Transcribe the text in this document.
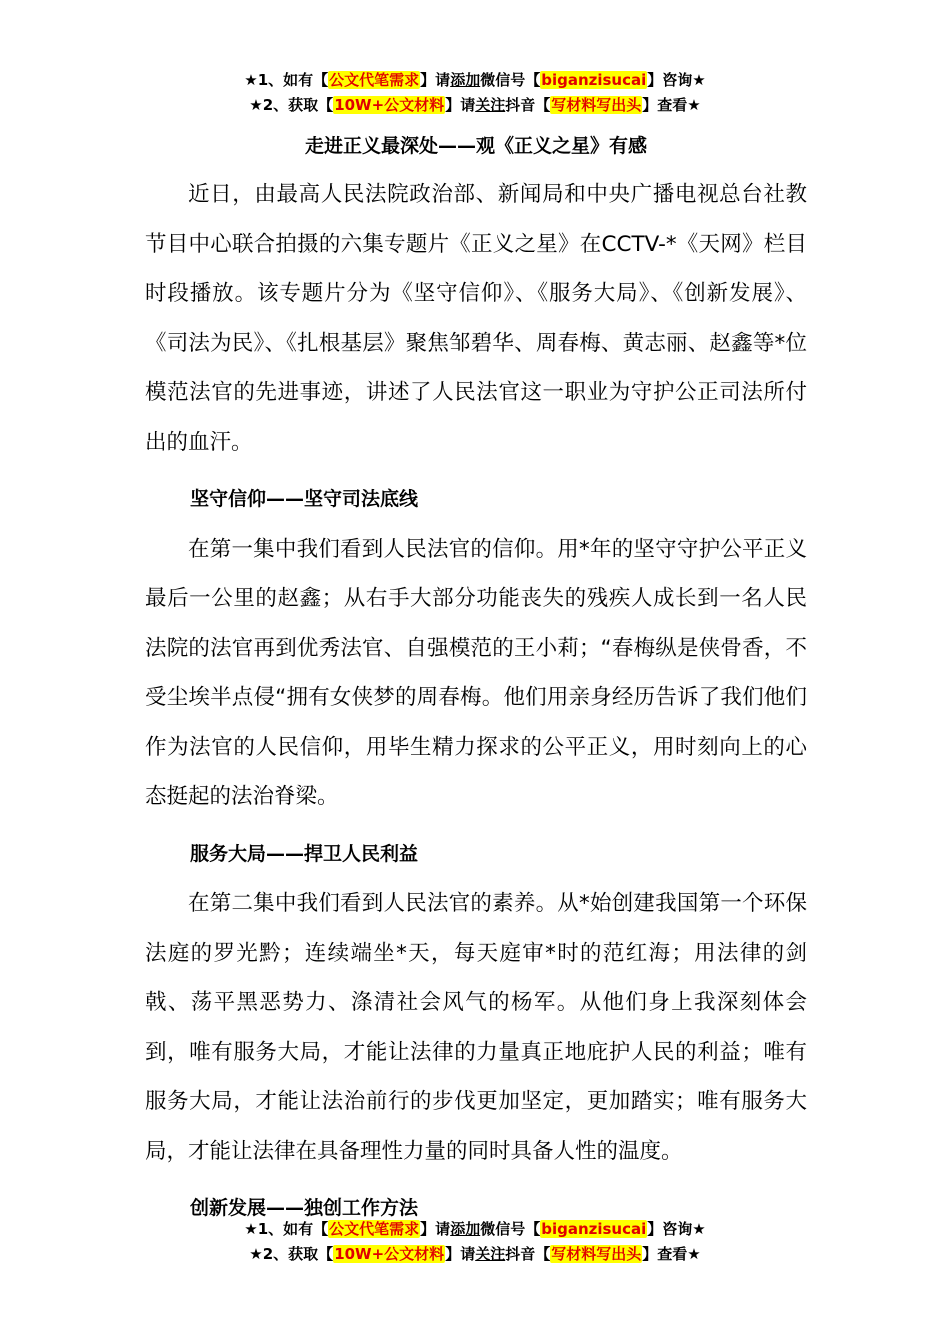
★1、如有【公文代笔需求】请添加微信号【biganzisucai】咨询★
★2、获取【10W+公文材料】请关注抖音【写材料写出头】查看★
走进正义最深处——观《正义之星》有感

近日，由最高人民法院政治部、新闻局和中央广播电视总台社教节目中心联合拍摄的六集专题片《正义之星》在CCTV-*《天网》栏目时段播放。该专题片分为《坚守信仰》、《服务大局》、《创新发展》、《司法为民》、《扎根基层》聚焦邹碧华、周春梅、黄志丽、赵鑫等*位模范法官的先进事迹，讲述了人民法官这一职业为守护公正司法所付出的血汗。

坚守信仰——坚守司法底线

在第一集中我们看到人民法官的信仰。用*年的坚守守护公平正义最后一公里的赵鑫；从右手大部分功能丧失的残疾人成长到一名人民法院的法官再到优秀法官、自强模范的王小莉；“春梅纵是侠骨香，不受尘埃半点侵“拥有女侠梦的周春梅。他们用亲身经历告诉了我们他们作为法官的人民信仰，用毕生精力探求的公平正义，用时刻向上的心态挺起的法治脊梁。

服务大局——捍卫人民利益

在第二集中我们看到人民法官的素养。从*始创建我国第一个环保法庭的罗光黔；连续端坐*天，每天庭审*时的范红海；用法律的剑戟、荡平黑恶势力、涤清社会风气的杨军。从他们身上我深刻体会到，唯有服务大局，才能让法律的力量真正地庇护人民的利益；唯有服务大局，才能让法治前行的步伐更加坚定，更加踏实；唯有服务大局，才能让法律在具备理性力量的同时具备人性的温度。

创新发展——独创工作方法
★1、如有【公文代笔需求】请添加微信号【biganzisucai】咨询★
★2、获取【10W+公文材料】请关注抖音【写材料写出头】查看★
